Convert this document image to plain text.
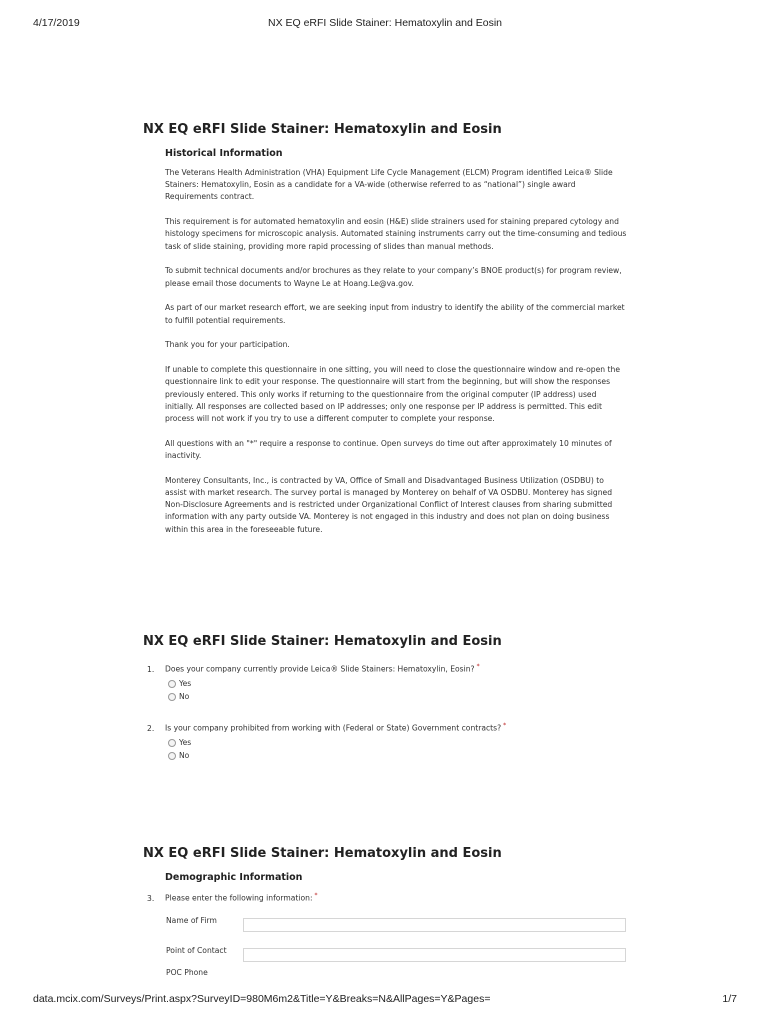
4/17/2019	NX EQ eRFI Slide Stainer: Hematoxylin and Eosin
NX EQ eRFI Slide Stainer: Hematoxylin and Eosin
Historical Information

The Veterans Health Administration (VHA) Equipment Life Cycle Management (ELCM) Program identified Leica® Slide Stainers: Hematoxylin, Eosin as a candidate for a VA-wide (otherwise referred to as “national”) single award Requirements contract.

This requirement is for automated hematoxylin and eosin (H&E) slide strainers used for staining prepared cytology and histology specimens for microscopic analysis. Automated staining instruments carry out the time-consuming and tedious task of slide staining, providing more rapid processing of slides than manual methods.

To submit technical documents and/or brochures as they relate to your company’s BNOE product(s) for program review, please email those documents to Wayne Le at Hoang.Le@va.gov.

As part of our market research effort, we are seeking input from industry to identify the ability of the commercial market to fulfill potential requirements.

Thank you for your participation.

If unable to complete this questionnaire in one sitting, you will need to close the questionnaire window and re-open the questionnaire link to edit your response. The questionnaire will start from the beginning, but will show the responses previously entered. This only works if returning to the questionnaire from the original computer (IP address) used initially. All responses are collected based on IP addresses; only one response per IP address is permitted. This edit process will not work if you try to use a different computer to complete your response.

All questions with an "*" require a response to continue. Open surveys do time out after approximately 10 minutes of inactivity.

Monterey Consultants, Inc., is contracted by VA, Office of Small and Disadvantaged Business Utilization (OSDBU) to assist with market research. The survey portal is managed by Monterey on behalf of VA OSDBU. Monterey has signed Non-Disclosure Agreements and is restricted under Organizational Conflict of Interest clauses from sharing submitted information with any party outside VA. Monterey is not engaged in this industry and does not plan on doing business within this area in the foreseeable future.

NX EQ eRFI Slide Stainer: Hematoxylin and Eosin
1. Does your company currently provide Leica® Slide Stainers: Hematoxylin, Eosin? *
Yes
No
2. Is your company prohibited from working with (Federal or State) Government contracts? *
Yes
No
NX EQ eRFI Slide Stainer: Hematoxylin and Eosin
Demographic Information
3. Please enter the following information: *
Name of Firm
Point of Contact
POC Phone
data.mcix.com/Surveys/Print.aspx?SurveyID=980M6m2&Title=Y&Breaks=N&AllPages=Y&Pages=	1/7
